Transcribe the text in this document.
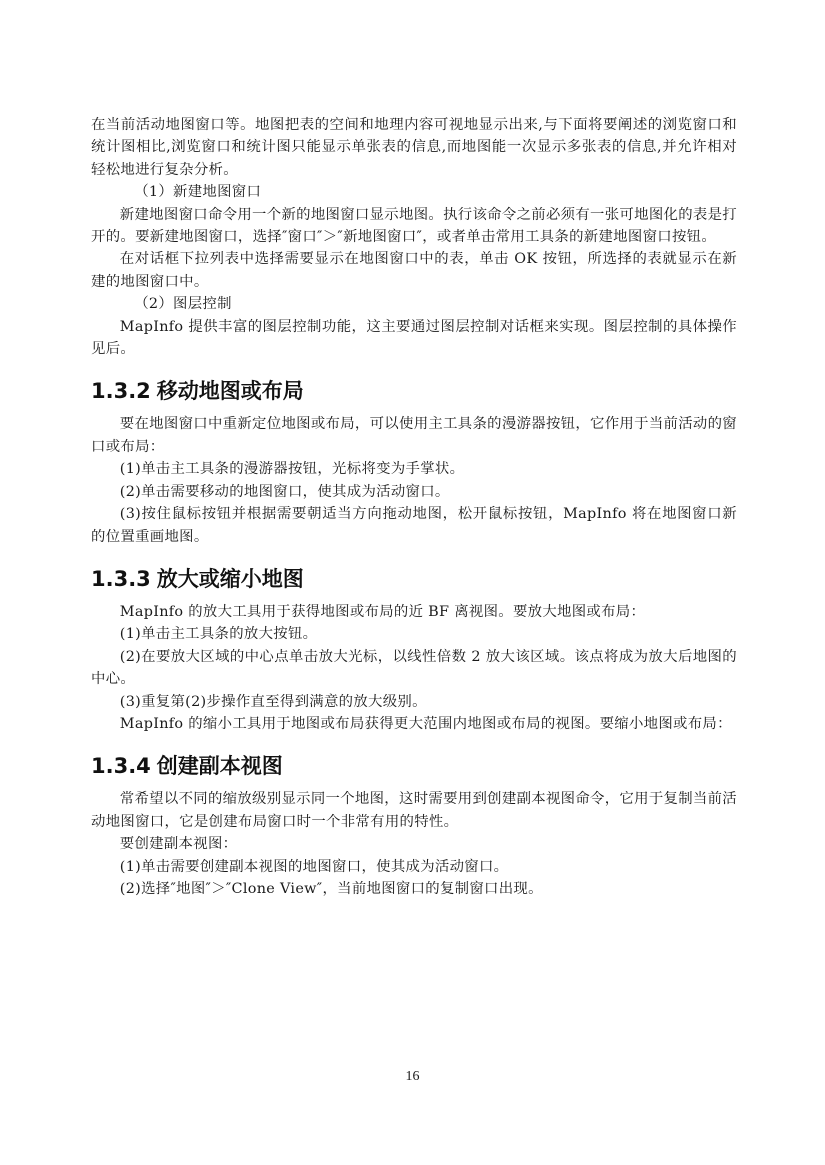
在当前活动地图窗口等。地图把表的空间和地理内容可视地显示出来,与下面将要阐述的浏览窗口和统计图相比,浏览窗口和统计图只能显示单张表的信息,而地图能一次显示多张表的信息,并允许相对轻松地进行复杂分析。

（1）新建地图窗口

新建地图窗口命令用一个新的地图窗口显示地图。执行该命令之前必须有一张可地图化的表是打开的。要新建地图窗口，选择″窗口″＞″新地图窗口″，或者单击常用工具条的新建地图窗口按钮。

在对话框下拉列表中选择需要显示在地图窗口中的表，单击 OK 按钮，所选择的表就显示在新建的地图窗口中。

（2）图层控制

MapInfo 提供丰富的图层控制功能，这主要通过图层控制对话框来实现。图层控制的具体操作见后。

1.3.2 移动地图或布局

要在地图窗口中重新定位地图或布局，可以使用主工具条的漫游器按钮，它作用于当前活动的窗口或布局：

(1)单击主工具条的漫游器按钮，光标将变为手掌状。

(2)单击需要移动的地图窗口，使其成为活动窗口。

(3)按住鼠标按钮并根据需要朝适当方向拖动地图，松开鼠标按钮，MapInfo 将在地图窗口新的位置重画地图。

1.3.3 放大或缩小地图

MapInfo 的放大工具用于获得地图或布局的近 BF 离视图。要放大地图或布局：

(1)单击主工具条的放大按钮。

(2)在要放大区域的中心点单击放大光标，以线性倍数 2 放大该区域。该点将成为放大后地图的中心。

(3)重复第(2)步操作直至得到满意的放大级别。

MapInfo 的缩小工具用于地图或布局获得更大范围内地图或布局的视图。要缩小地图或布局：

1.3.4 创建副本视图

常希望以不同的缩放级别显示同一个地图，这时需要用到创建副本视图命令，它用于复制当前活动地图窗口，它是创建布局窗口时一个非常有用的特性。

要创建副本视图：

(1)单击需要创建副本视图的地图窗口，使其成为活动窗口。

(2)选择″地图″＞″Clone View″，当前地图窗口的复制窗口出现。

16
